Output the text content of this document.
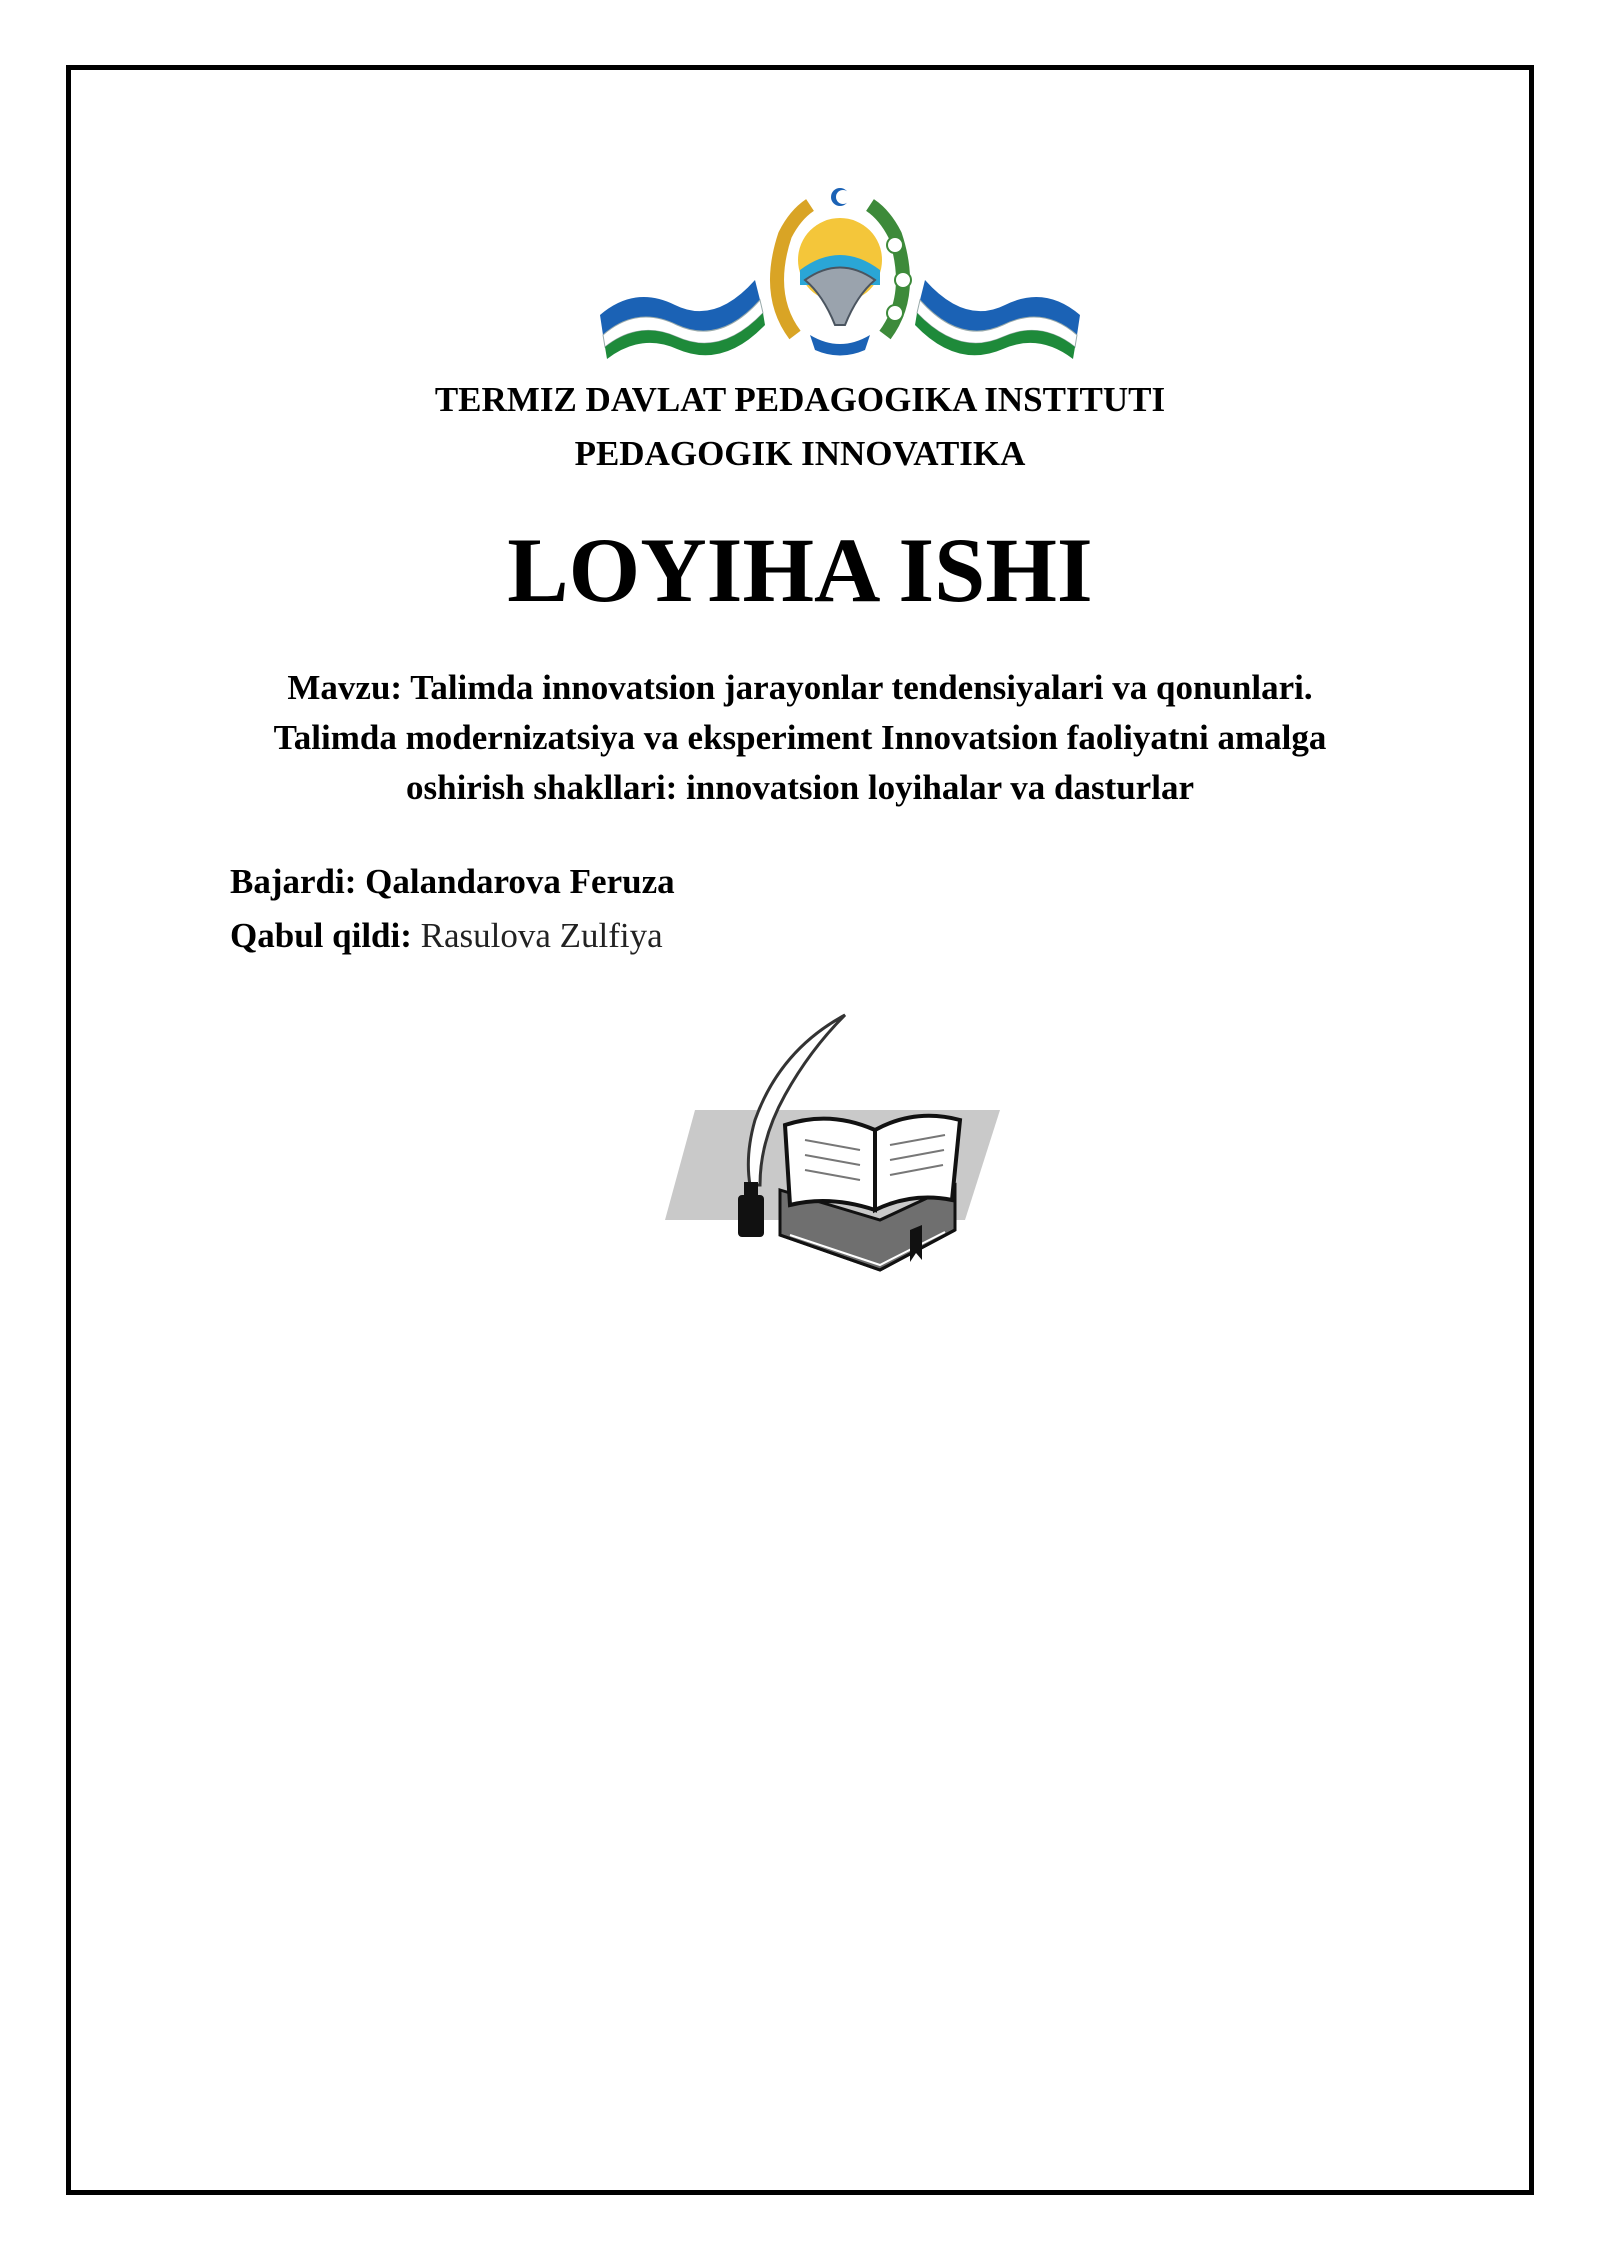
TERMIZ DAVLAT PEDAGOGIKA INSTITUTI
PEDAGOGIK INNOVATIKA
LOYIHA ISHI
Mavzu: Talimda innovatsion jarayonlar tendensiyalari va qonunlari.
Talimda modernizatsiya va eksperiment Innovatsion faoliyatni amalga
oshirish shakllari: innovatsion loyihalar va dasturlar
Bajardi: Qalandarova Feruza
Qabul qildi: Rasulova Zulfiya
